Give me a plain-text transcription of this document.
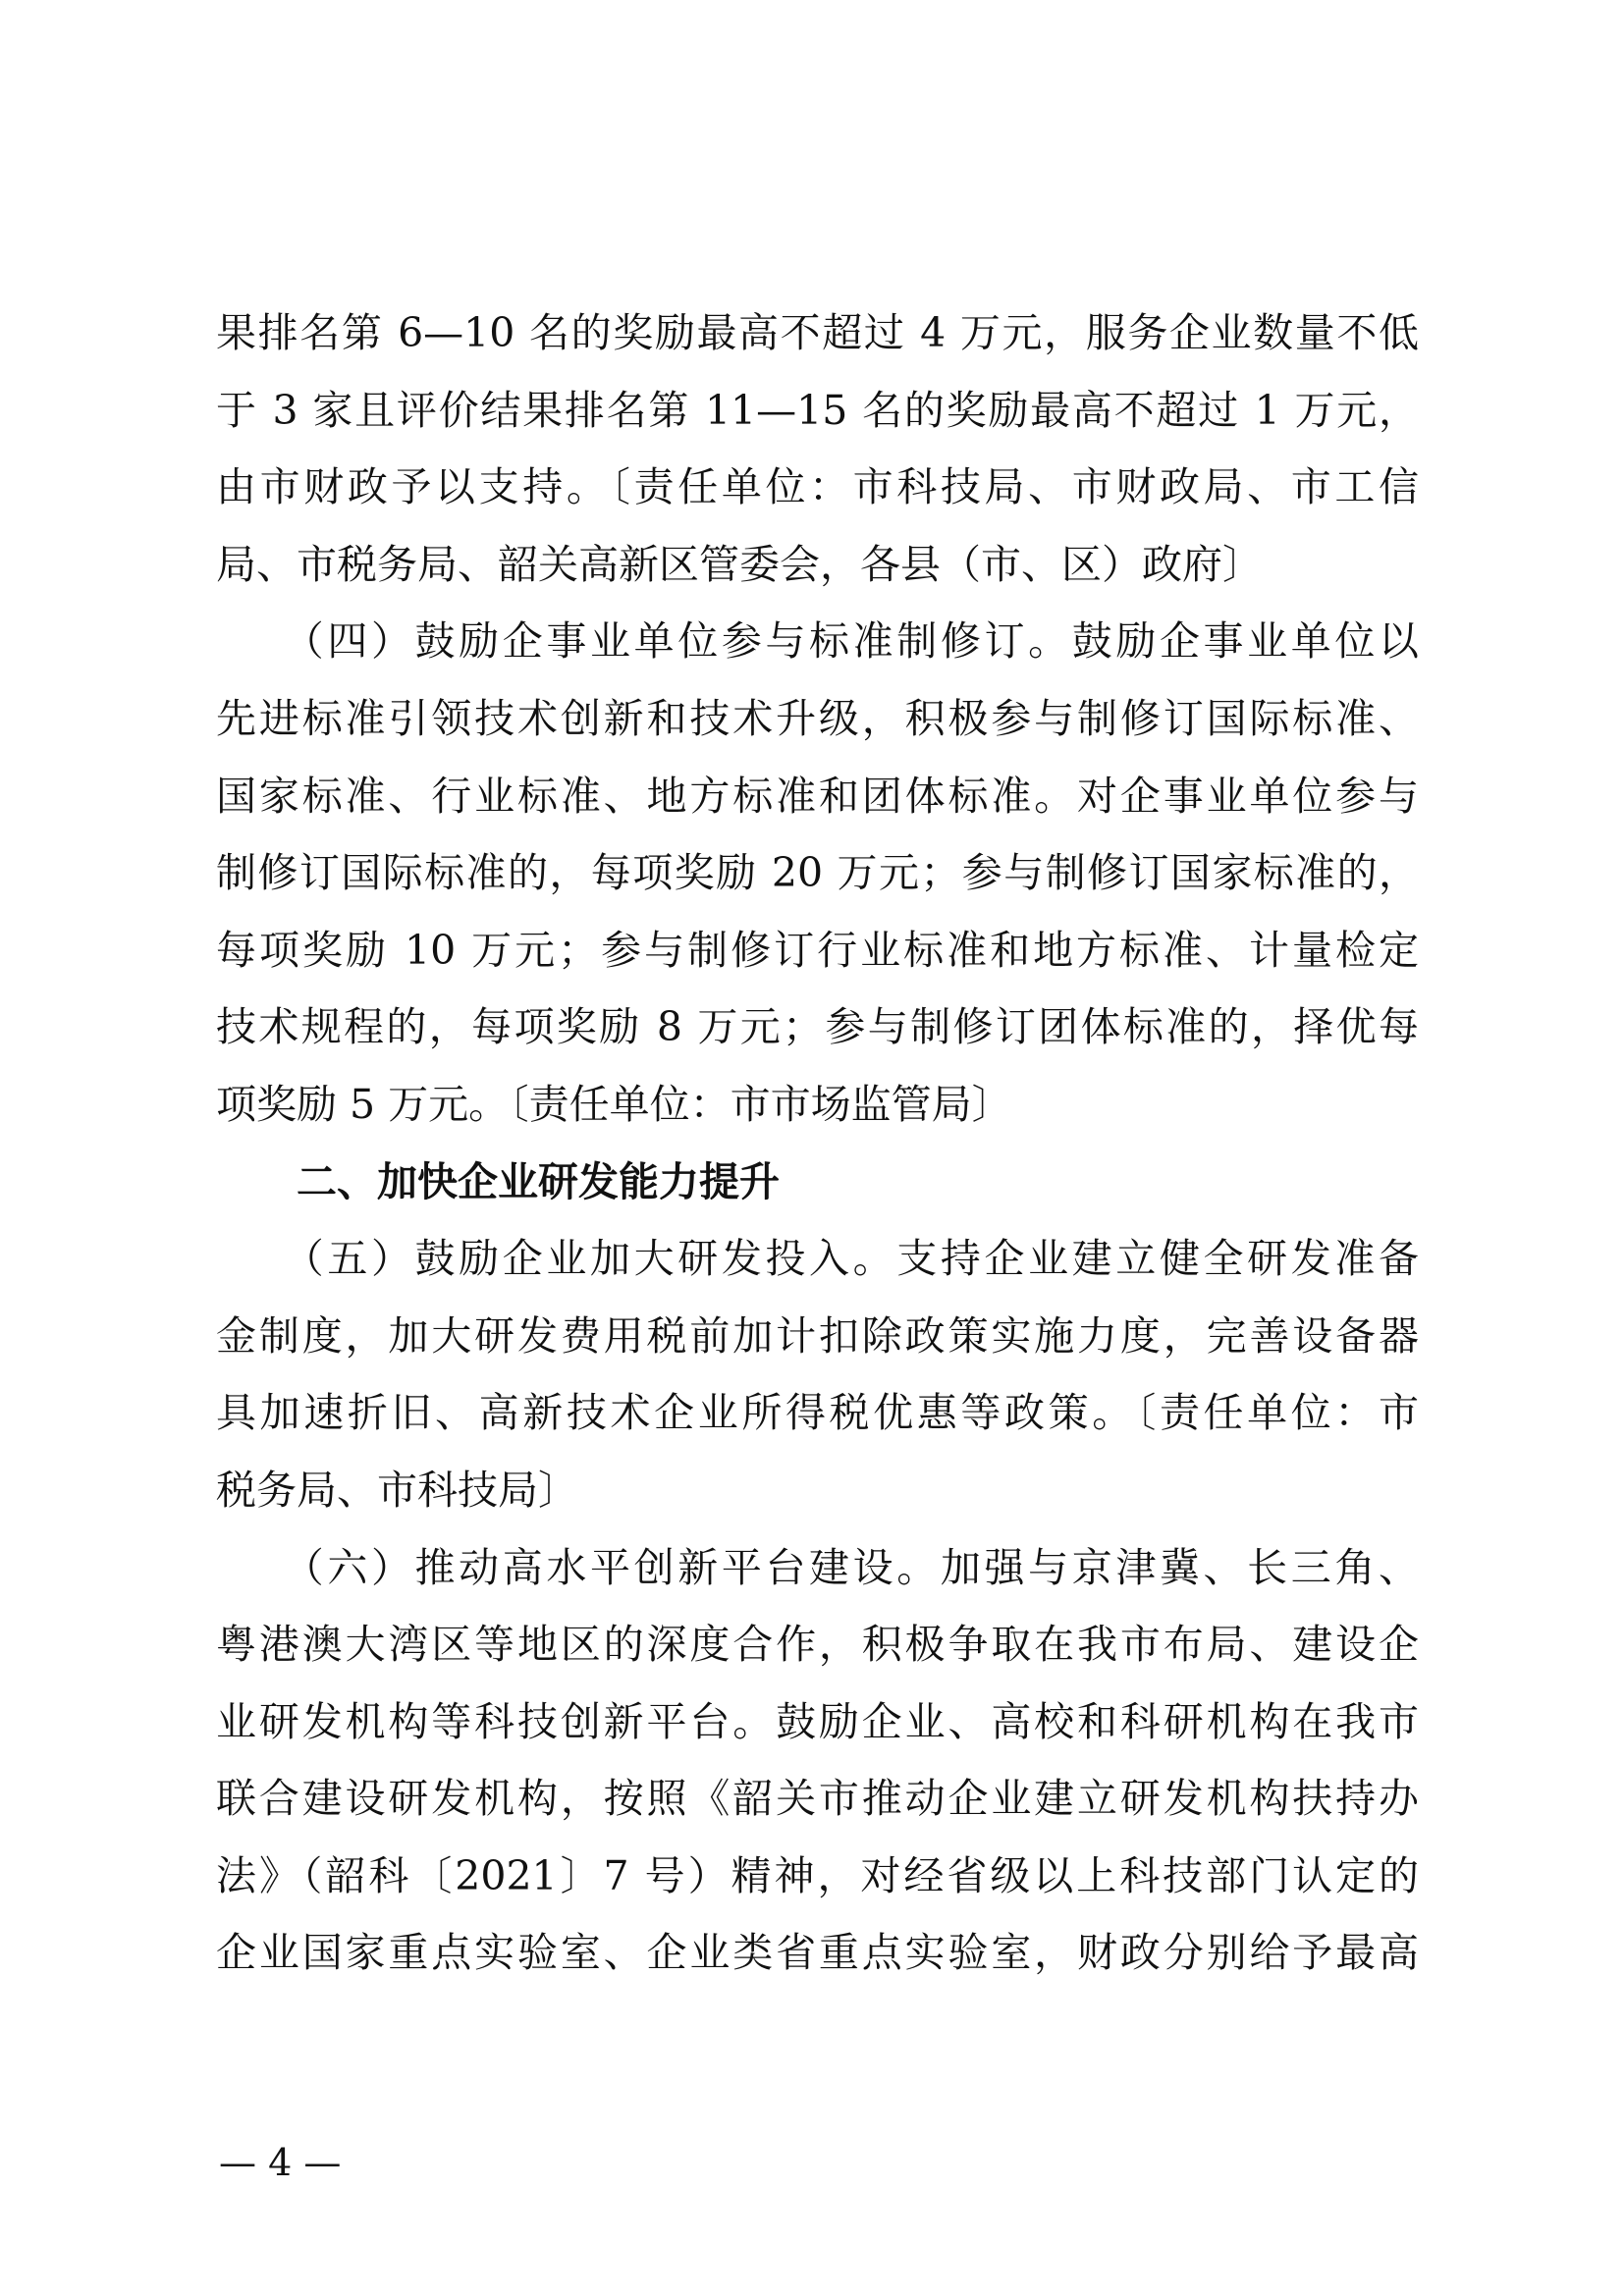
果排名第 6—10 名的奖励最高不超过 4 万元，服务企业数量不低
于 3 家且评价结果排名第 11—15 名的奖励最高不超过 1 万元，
由市财政予以支持。〔责任单位：市科技局、市财政局、市工信
局、市税务局、韶关高新区管委会，各县（市、区）政府〕
　　（四）鼓励企事业单位参与标准制修订。鼓励企事业单位以
先进标准引领技术创新和技术升级，积极参与制修订国际标准、
国家标准、行业标准、地方标准和团体标准。对企事业单位参与
制修订国际标准的，每项奖励 20 万元；参与制修订国家标准的，
每项奖励 10 万元；参与制修订行业标准和地方标准、计量检定
技术规程的，每项奖励 8 万元；参与制修订团体标准的，择优每
项奖励 5 万元。〔责任单位：市市场监管局〕
　　二、加快企业研发能力提升
　　（五）鼓励企业加大研发投入。支持企业建立健全研发准备
金制度，加大研发费用税前加计扣除政策实施力度，完善设备器
具加速折旧、高新技术企业所得税优惠等政策。〔责任单位：市
税务局、市科技局〕
　　（六）推动高水平创新平台建设。加强与京津冀、长三角、
粤港澳大湾区等地区的深度合作，积极争取在我市布局、建设企
业研发机构等科技创新平台。鼓励企业、高校和科研机构在我市
联合建设研发机构，按照《韶关市推动企业建立研发机构扶持办
法》（韶科〔2021〕7 号）精神，对经省级以上科技部门认定的
企业国家重点实验室、企业类省重点实验室，财政分别给予最高
— 4 —
